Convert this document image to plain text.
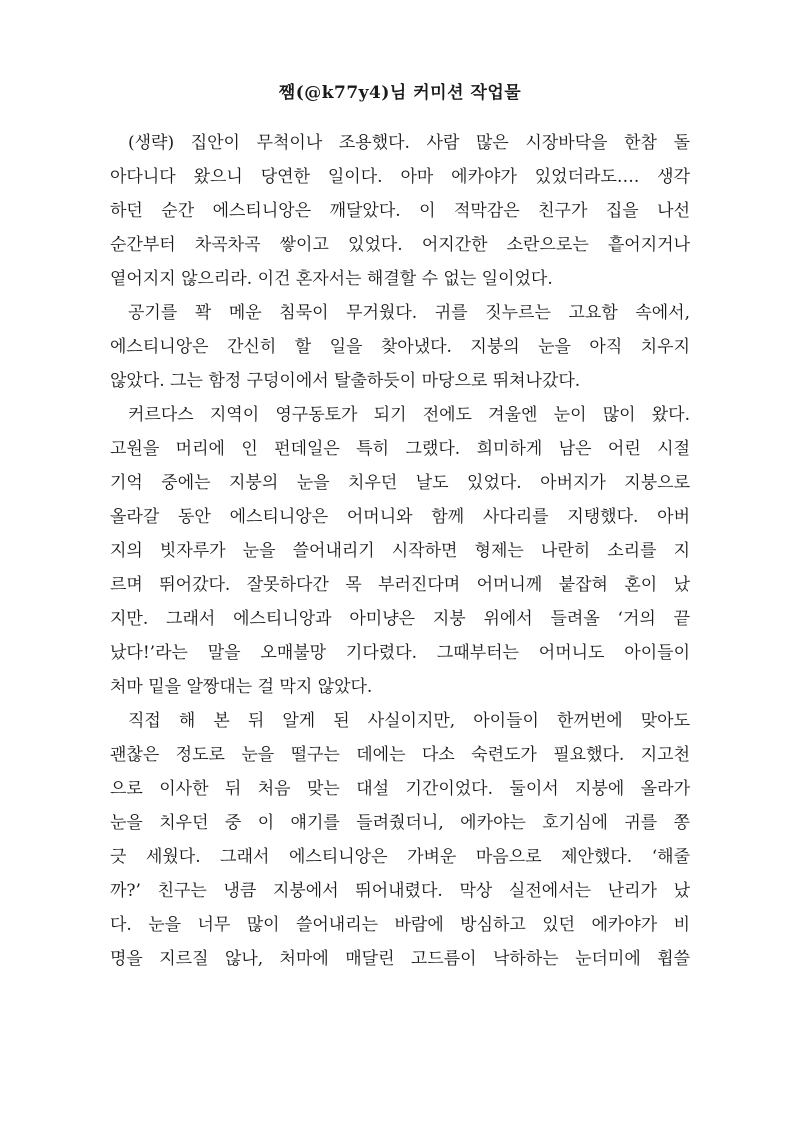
쨈(@k77y4)님 커미션 작업물
(생략) 집안이 무척이나 조용했다. 사람 많은 시장바닥을 한참 돌
아다니다 왔으니 당연한 일이다. 아마 에카야가 있었더라도…. 생각
하던 순간 에스티니앙은 깨달았다. 이 적막감은 친구가 집을 나선
순간부터 차곡차곡 쌓이고 있었다. 어지간한 소란으로는 흩어지거나
옅어지지 않으리라. 이건 혼자서는 해결할 수 없는 일이었다.
공기를 꽉 메운 침묵이 무거웠다. 귀를 짓누르는 고요함 속에서,
에스티니앙은 간신히 할 일을 찾아냈다. 지붕의 눈을 아직 치우지
않았다. 그는 함정 구덩이에서 탈출하듯이 마당으로 뛰쳐나갔다.
커르다스 지역이 영구동토가 되기 전에도 겨울엔 눈이 많이 왔다.
고원을 머리에 인 펀데일은 특히 그랬다. 희미하게 남은 어린 시절
기억 중에는 지붕의 눈을 치우던 날도 있었다. 아버지가 지붕으로
올라갈 동안 에스티니앙은 어머니와 함께 사다리를 지탱했다. 아버
지의 빗자루가 눈을 쓸어내리기 시작하면 형제는 나란히 소리를 지
르며 뛰어갔다. 잘못하다간 목 부러진다며 어머니께 붙잡혀 혼이 났
지만. 그래서 에스티니앙과 아미냥은 지붕 위에서 들려올 ‘거의 끝
났다!’라는 말을 오매불망 기다렸다. 그때부터는 어머니도 아이들이
처마 밑을 알짱대는 걸 막지 않았다.
직접 해 본 뒤 알게 된 사실이지만, 아이들이 한꺼번에 맞아도
괜찮은 정도로 눈을 떨구는 데에는 다소 숙련도가 필요했다. 지고천
으로 이사한 뒤 처음 맞는 대설 기간이었다. 둘이서 지붕에 올라가
눈을 치우던 중 이 얘기를 들려줬더니, 에카야는 호기심에 귀를 쫑
긋 세웠다. 그래서 에스티니앙은 가벼운 마음으로 제안했다. ‘해줄
까?’ 친구는 냉큼 지붕에서 뛰어내렸다. 막상 실전에서는 난리가 났
다. 눈을 너무 많이 쓸어내리는 바람에 방심하고 있던 에카야가 비
명을 지르질 않나, 처마에 매달린 고드름이 낙하하는 눈더미에 휩쓸
